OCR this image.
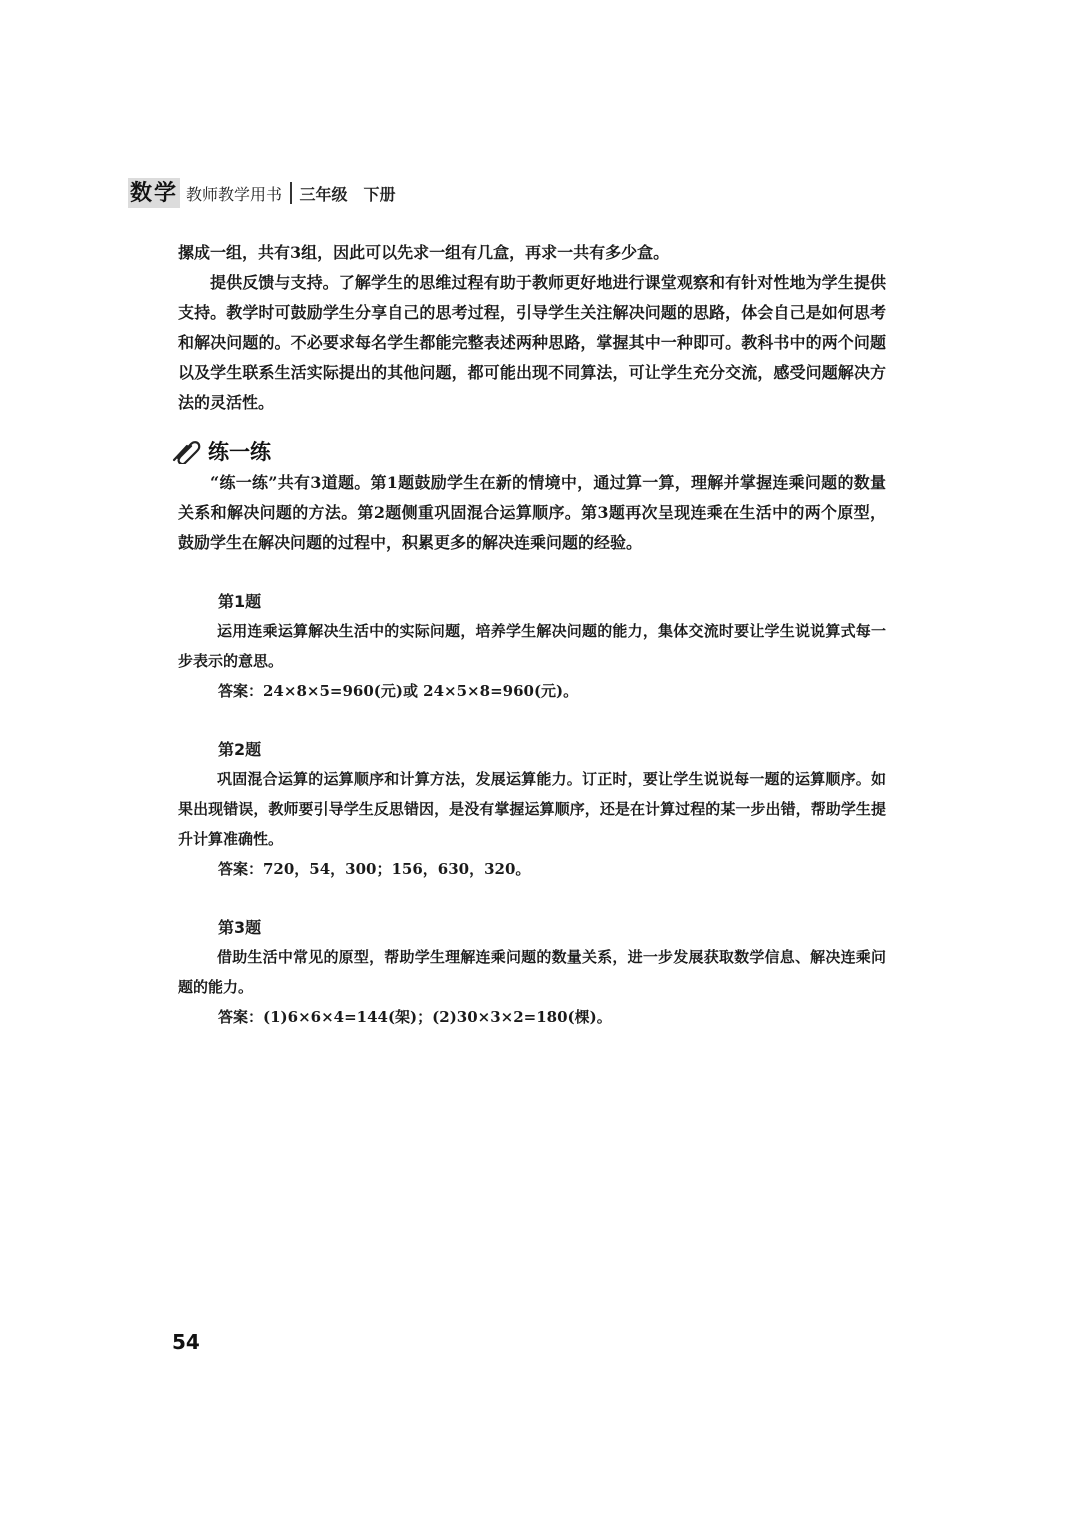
数学 教师教学用书 三年级 下册

摞成一组，共有3组，因此可以先求一组有几盒，再求一共有多少盒。

提供反馈与支持。了解学生的思维过程有助于教师更好地进行课堂观察和有针对性地为学生提供支持。教学时可鼓励学生分享自己的思考过程，引导学生关注解决问题的思路，体会自己是如何思考和解决问题的。不必要求每名学生都能完整表述两种思路，掌握其中一种即可。教科书中的两个问题以及学生联系生活实际提出的其他问题，都可能出现不同算法，可让学生充分交流，感受问题解决方法的灵活性。

练一练

“练一练”共有3道题。第1题鼓励学生在新的情境中，通过算一算，理解并掌握连乘问题的数量关系和解决问题的方法。第2题侧重巩固混合运算顺序。第3题再次呈现连乘在生活中的两个原型，鼓励学生在解决问题的过程中，积累更多的解决连乘问题的经验。

第1题

运用连乘运算解决生活中的实际问题，培养学生解决问题的能力，集体交流时要让学生说说算式每一步表示的意思。

答案：24×8×5=960(元)或 24×5×8=960(元)。

第2题

巩固混合运算的运算顺序和计算方法，发展运算能力。订正时，要让学生说说每一题的运算顺序。如果出现错误，教师要引导学生反思错因，是没有掌握运算顺序，还是在计算过程的某一步出错，帮助学生提升计算准确性。

答案：720，54，300；156，630，320。

第3题

借助生活中常见的原型，帮助学生理解连乘问题的数量关系，进一步发展获取数学信息、解决连乘问题的能力。

答案：(1)6×6×4=144(架)；(2)30×3×2=180(棵)。

54
